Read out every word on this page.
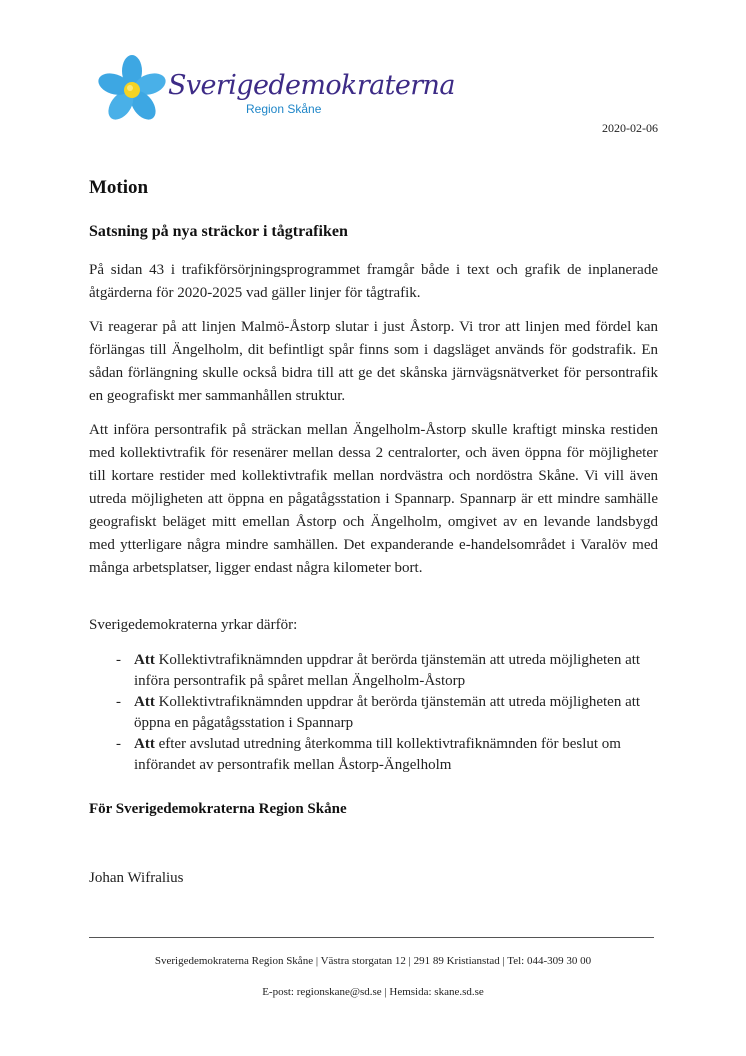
Sverigedemokraterna
Region Skåne
2020-02-06
Motion
Satsning på nya sträckor i tågtrafiken

På sidan 43 i trafikförsörjningsprogrammet framgår både i text och grafik de inplanerade åtgärderna för 2020-2025 vad gäller linjer för tågtrafik.

Vi reagerar på att linjen Malmö-Åstorp slutar i just Åstorp. Vi tror att linjen med fördel kan förlängas till Ängelholm, dit befintligt spår finns som i dagsläget används för godstrafik. En sådan förlängning skulle också bidra till att ge det skånska järnvägsnätverket för persontrafik en geografiskt mer sammanhållen struktur.

Att införa persontrafik på sträckan mellan Ängelholm-Åstorp skulle kraftigt minska restiden med kollektivtrafik för resenärer mellan dessa 2 centralorter, och även öppna för möjligheter till kortare restider med kollektivtrafik mellan nordvästra och nordöstra Skåne. Vi vill även utreda möjligheten att öppna en pågatågsstation i Spannarp. Spannarp är ett mindre samhälle geografiskt beläget mitt emellan Åstorp och Ängelholm, omgivet av en levande landsbygd med ytterligare några mindre samhällen. Det expanderande e-handelsområdet i Varalöv med många arbetsplatser, ligger endast några kilometer bort.

Sverigedemokraterna yrkar därför:

- Att Kollektivtrafiknämnden uppdrar åt berörda tjänstemän att utreda möjligheten att införa persontrafik på spåret mellan Ängelholm-Åstorp
- Att Kollektivtrafiknämnden uppdrar åt berörda tjänstemän att utreda möjligheten att öppna en pågatågsstation i Spannarp
- Att efter avslutad utredning återkomma till kollektivtrafiknämnden för beslut om införandet av persontrafik mellan Åstorp-Ängelholm
För Sverigedemokraterna Region Skåne
Johan Wifralius
Sverigedemokraterna Region Skåne | Västra storgatan 12 | 291 89 Kristianstad | Tel: 044-309 30 00
E-post: regionskane@sd.se | Hemsida: skane.sd.se
